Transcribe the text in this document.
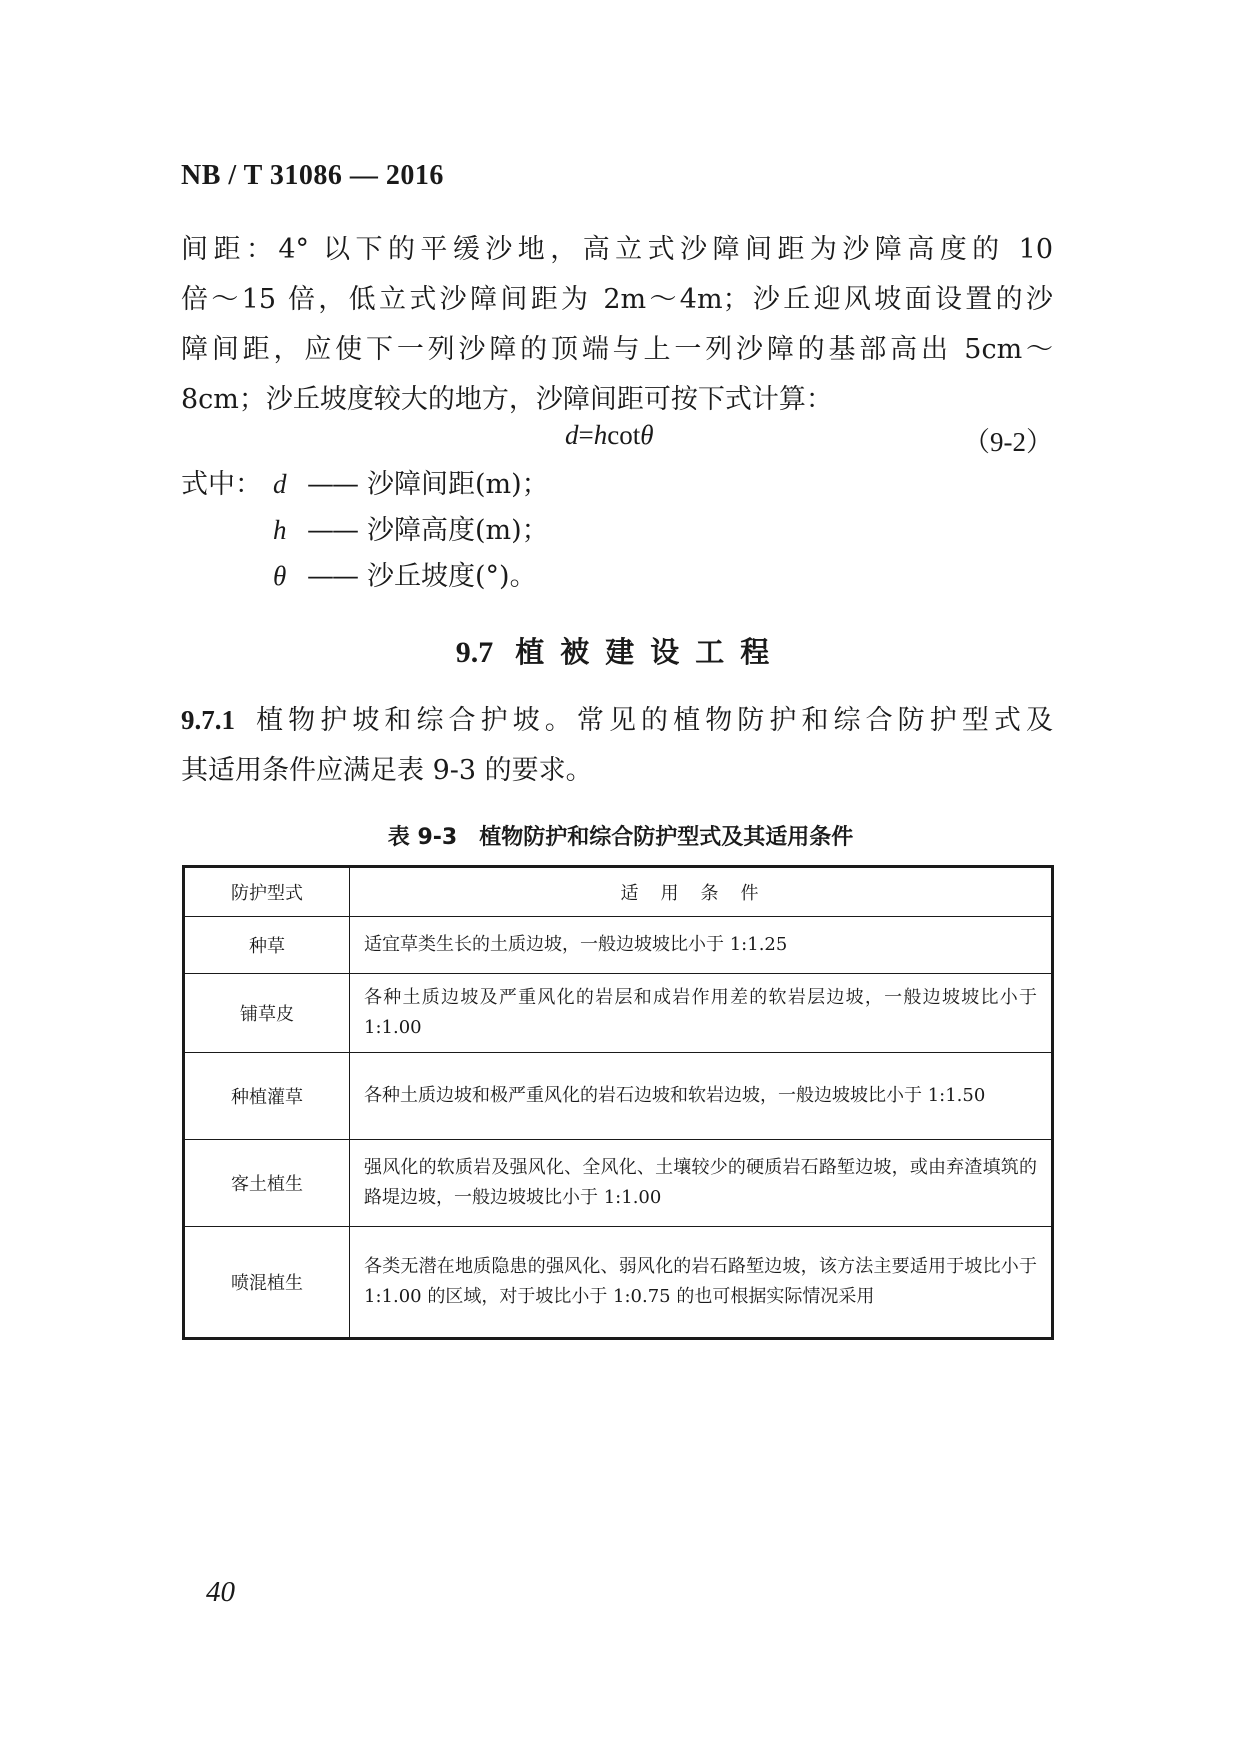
NB / T 31086 — 2016
间距：4° 以下的平缓沙地，高立式沙障间距为沙障高度的 10
倍～15 倍，低立式沙障间距为 2m～4m；沙丘迎风坡面设置的沙
障间距，应使下一列沙障的顶端与上一列沙障的基部高出 5cm～
8cm；沙丘坡度较大的地方，沙障间距可按下式计算：
d=hcotθ	（9-2）
式中： d —— 沙障间距(m)；
h —— 沙障高度(m)；
θ —— 沙丘坡度(°)。
9.7 植被建设工程
9.7.1 植物护坡和综合护坡。常见的植物防护和综合防护型式及
其适用条件应满足表 9-3 的要求。
表 9-3 植物防护和综合防护型式及其适用条件
防护型式	适用条件
种草	适宜草类生长的土质边坡，一般边坡坡比小于 1:1.25
铺草皮	各种土质边坡及严重风化的岩层和成岩作用差的软岩层边坡，一般边坡坡比小于 1:1.00
种植灌草	各种土质边坡和极严重风化的岩石边坡和软岩边坡，一般边坡坡比小于 1:1.50
客土植生	强风化的软质岩及强风化、全风化、土壤较少的硬质岩石路堑边坡，或由弃渣填筑的路堤边坡，一般边坡坡比小于 1:1.00
喷混植生	各类无潜在地质隐患的强风化、弱风化的岩石路堑边坡，该方法主要适用于坡比小于 1:1.00 的区域，对于坡比小于 1:0.75 的也可根据实际情况采用
40
